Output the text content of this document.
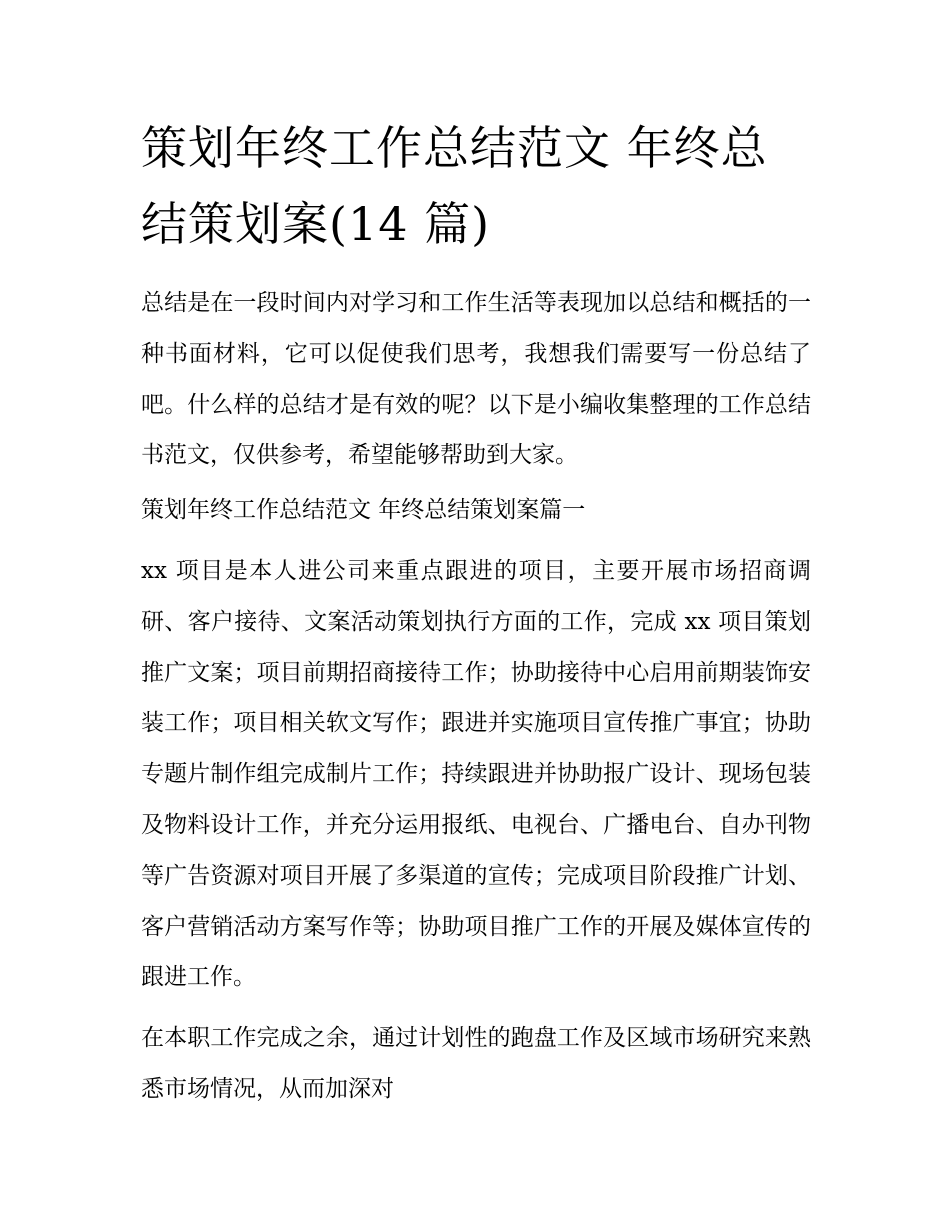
策划年终工作总结范文 年终总结策划案(14 篇)

总结是在一段时间内对学习和工作生活等表现加以总结和概括的一种书面材料，它可以促使我们思考，我想我们需要写一份总结了吧。什么样的总结才是有效的呢？以下是小编收集整理的工作总结书范文，仅供参考，希望能够帮助到大家。

策划年终工作总结范文 年终总结策划案篇一

xx 项目是本人进公司来重点跟进的项目，主要开展市场招商调研、客户接待、文案活动策划执行方面的工作，完成 xx 项目策划推广文案；项目前期招商接待工作；协助接待中心启用前期装饰安装工作；项目相关软文写作；跟进并实施项目宣传推广事宜；协助专题片制作组完成制片工作；持续跟进并协助报广设计、现场包装及物料设计工作，并充分运用报纸、电视台、广播电台、自办刊物等广告资源对项目开展了多渠道的宣传；完成项目阶段推广计划、客户营销活动方案写作等；协助项目推广工作的开展及媒体宣传的跟进工作。

在本职工作完成之余，通过计划性的跑盘工作及区域市场研究来熟悉市场情况，从而加深对
